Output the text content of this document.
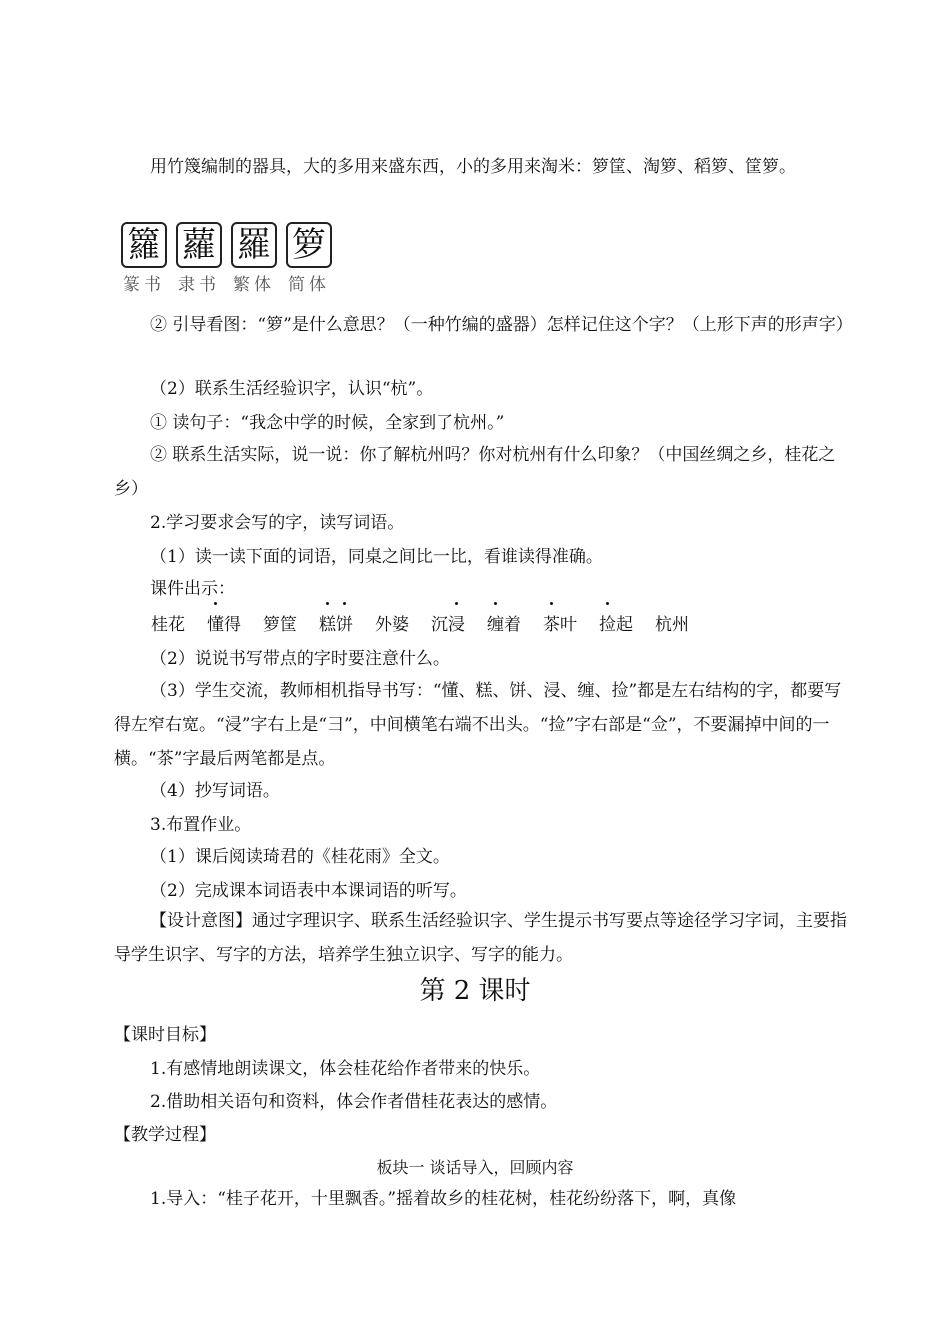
用竹篾编制的器具，大的多用来盛东西，小的多用来淘米：箩筐、淘箩、稻箩、筐箩。
籮 蘿 羅 箩
篆书 隶书 繁体 简体
② 引导看图：“箩”是什么意思？（一种竹编的盛器）怎样记住这个字？（上形下声的形声字）
（2）联系生活经验识字，认识“杭”。
① 读句子：“我念中学的时候，全家到了杭州。”
② 联系生活实际，说一说：你了解杭州吗？你对杭州有什么印象？（中国丝绸之乡，桂花之乡）
2.学习要求会写的字，读写词语。
（1）读一读下面的词语，同桌之间比一比，看谁读得准确。
课件出示：
桂花 懂得 箩筐 糕饼 外婆 沉浸 缠着 茶叶 捡起 杭州
（2）说说书写带点的字时要注意什么。
（3）学生交流，教师相机指导书写：“懂、糕、饼、浸、缠、捡”都是左右结构的字，都要写得左窄右宽。“浸”字右上是“彐”，中间横笔右端不出头。“捡”字右部是“佥”，不要漏掉中间的一横。“茶”字最后两笔都是点。
（4）抄写词语。
3.布置作业。
（1）课后阅读琦君的《桂花雨》全文。
（2）完成课本词语表中本课词语的听写。
【设计意图】通过字理识字、联系生活经验识字、学生提示书写要点等途径学习字词，主要指导学生识字、写字的方法，培养学生独立识字、写字的能力。
第 2 课时
【课时目标】
1.有感情地朗读课文，体会桂花给作者带来的快乐。
2.借助相关语句和资料，体会作者借桂花表达的感情。
【教学过程】
板块一 谈话导入，回顾内容
1.导入：“桂子花开，十里飘香。”摇着故乡的桂花树，桂花纷纷落下，啊，真像
